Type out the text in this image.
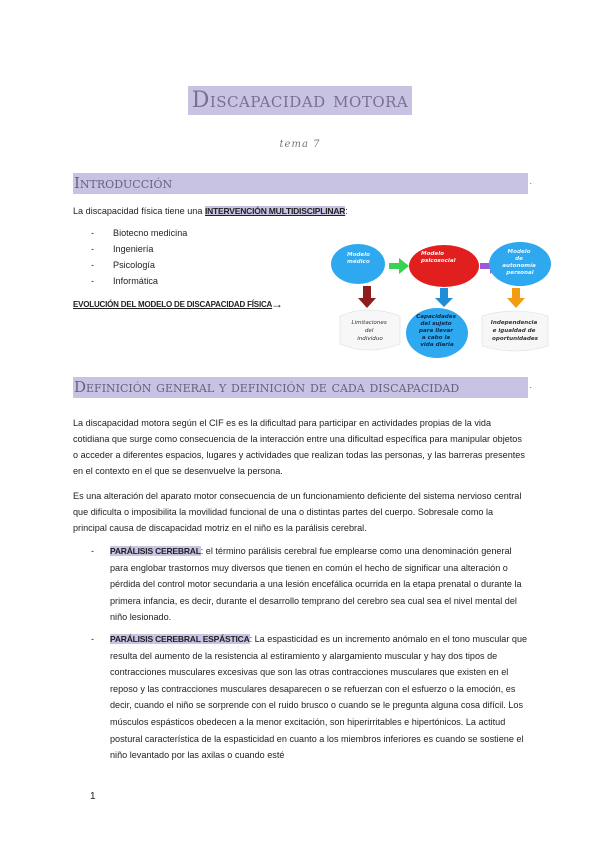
Discapacidad motora
tema 7
Introducción	.
La discapacidad física tiene una INTERVENCIÓN MULTIDISCIPLINAR:
- Biotecno medicina
- Ingeniería
- Psicología
- Informática
EVOLUCIÓN DEL MODELO DE DISCAPACIDAD FÍSICA
→
Modelo médico
Modelo psicosocial
Modelo de autonomía personal
Limitaciones del individuo
Capacidades del sujeto para llevar a cabo la vida diaria
Independencia e igualdad de oportunidades
Definición general y definición de cada discapacidad	.
La discapacidad motora según el CIF es es la dificultad para participar en actividades propias de la vida cotidiana que surge como consecuencia de la interacción entre una dificultad específica para manipular objetos o acceder a diferentes espacios, lugares y actividades que realizan todas las personas, y las barreras presentes en el contexto en el que se desenvuelve la persona.
Es una alteración del aparato motor consecuencia de un funcionamiento deficiente del sistema nervioso central que dificulta o imposibilita la movilidad funcional de una o distintas partes del cuerpo. Sobresale como la principal causa de discapacidad motriz en el niño es la parálisis cerebral.
- PARÁLISIS CEREBRAL: el término parálisis cerebral fue emplearse como una denominación general para englobar trastornos muy diversos que tienen en común el hecho de significar una alteración o pérdida del control motor secundaria a una lesión encefálica ocurrida en la etapa prenatal o durante la primera infancia, es decir, durante el desarrollo temprano del cerebro sea cual sea el nivel mental del niño lesionado.
- PARÁLISIS CEREBRAL ESPÁSTICA: La espasticidad es un incremento anómalo en el tono muscular que resulta del aumento de la resistencia al estiramiento y alargamiento muscular y hay dos tipos de contracciones musculares excesivas que son las otras contracciones musculares que existen en el reposo y las contracciones musculares desaparecen o se refuerzan con el esfuerzo o la emoción, es decir, cuando el niño se sorprende con el ruido brusco o cuando se le pregunta alguna cosa difícil. Los músculos espásticos obedecen a la menor excitación, son hiperirritables e hipertónicos. La actitud postural característica de la espasticidad en cuanto a los miembros inferiores es cuando se sostiene el niño levantado por las axilas o cuando esté
1
